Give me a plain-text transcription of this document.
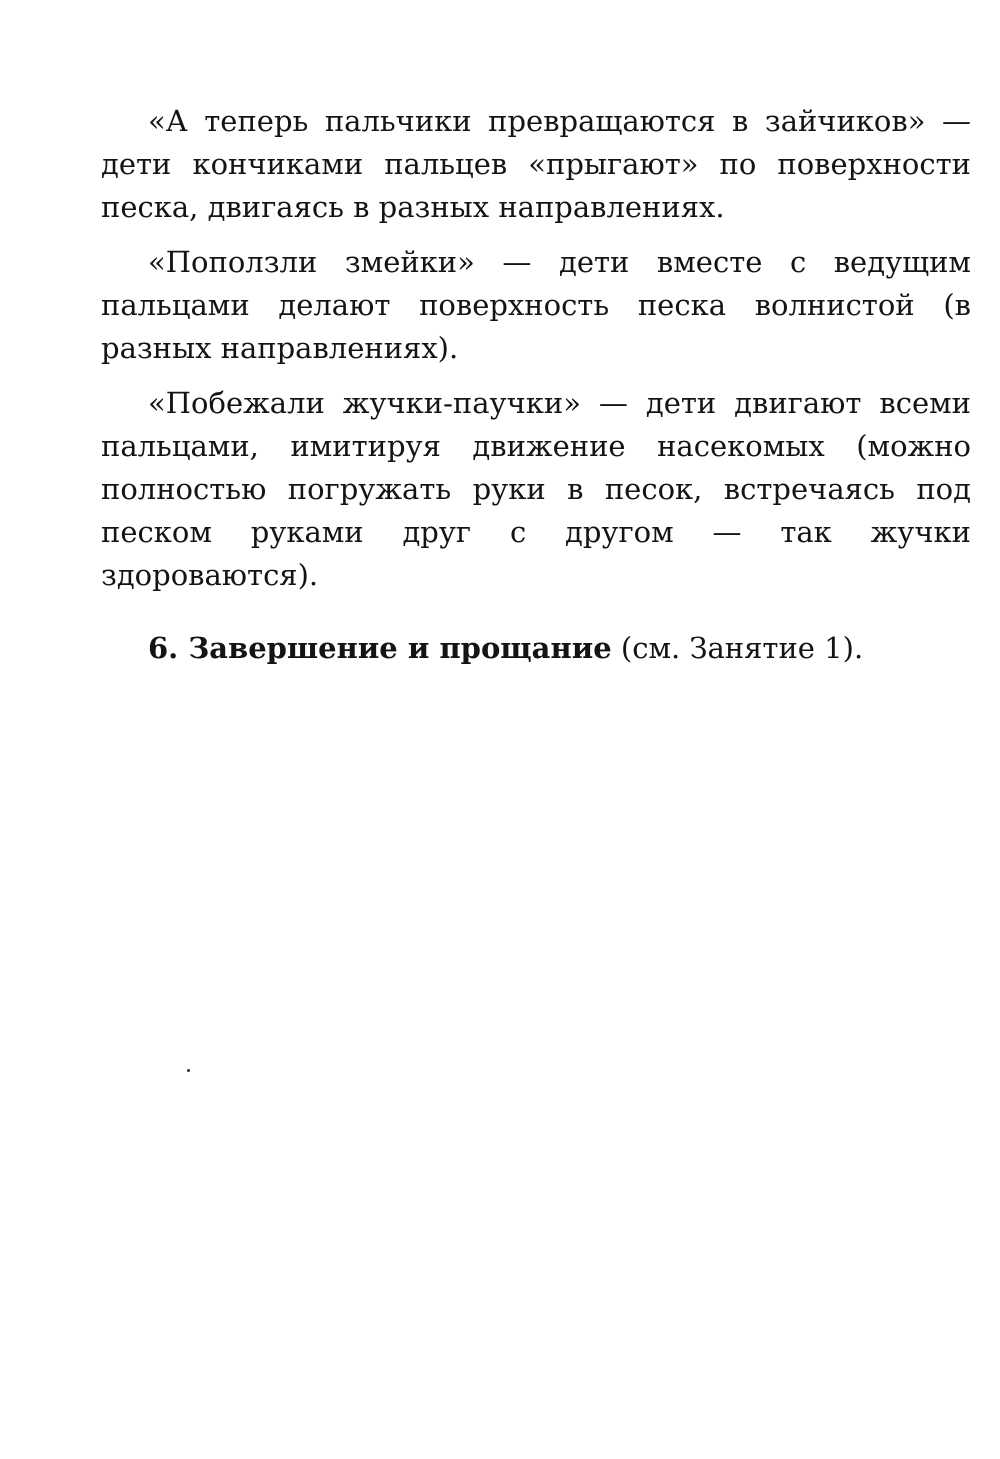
«А теперь пальчики превращаются в зайчиков» — дети кончиками пальцев «прыгают» по поверхности песка, двигаясь в разных направлениях.

«Поползли змейки» — дети вместе с ведущим пальцами делают поверхность песка волнистой (в разных направлениях).

«Побежали жучки-паучки» — дети двигают всеми пальцами, имитируя движение насекомых (можно полностью погружать руки в песок, встречаясь под песком руками друг с другом — так жучки здороваются).

6. Завершение и прощание (см. Занятие 1).
